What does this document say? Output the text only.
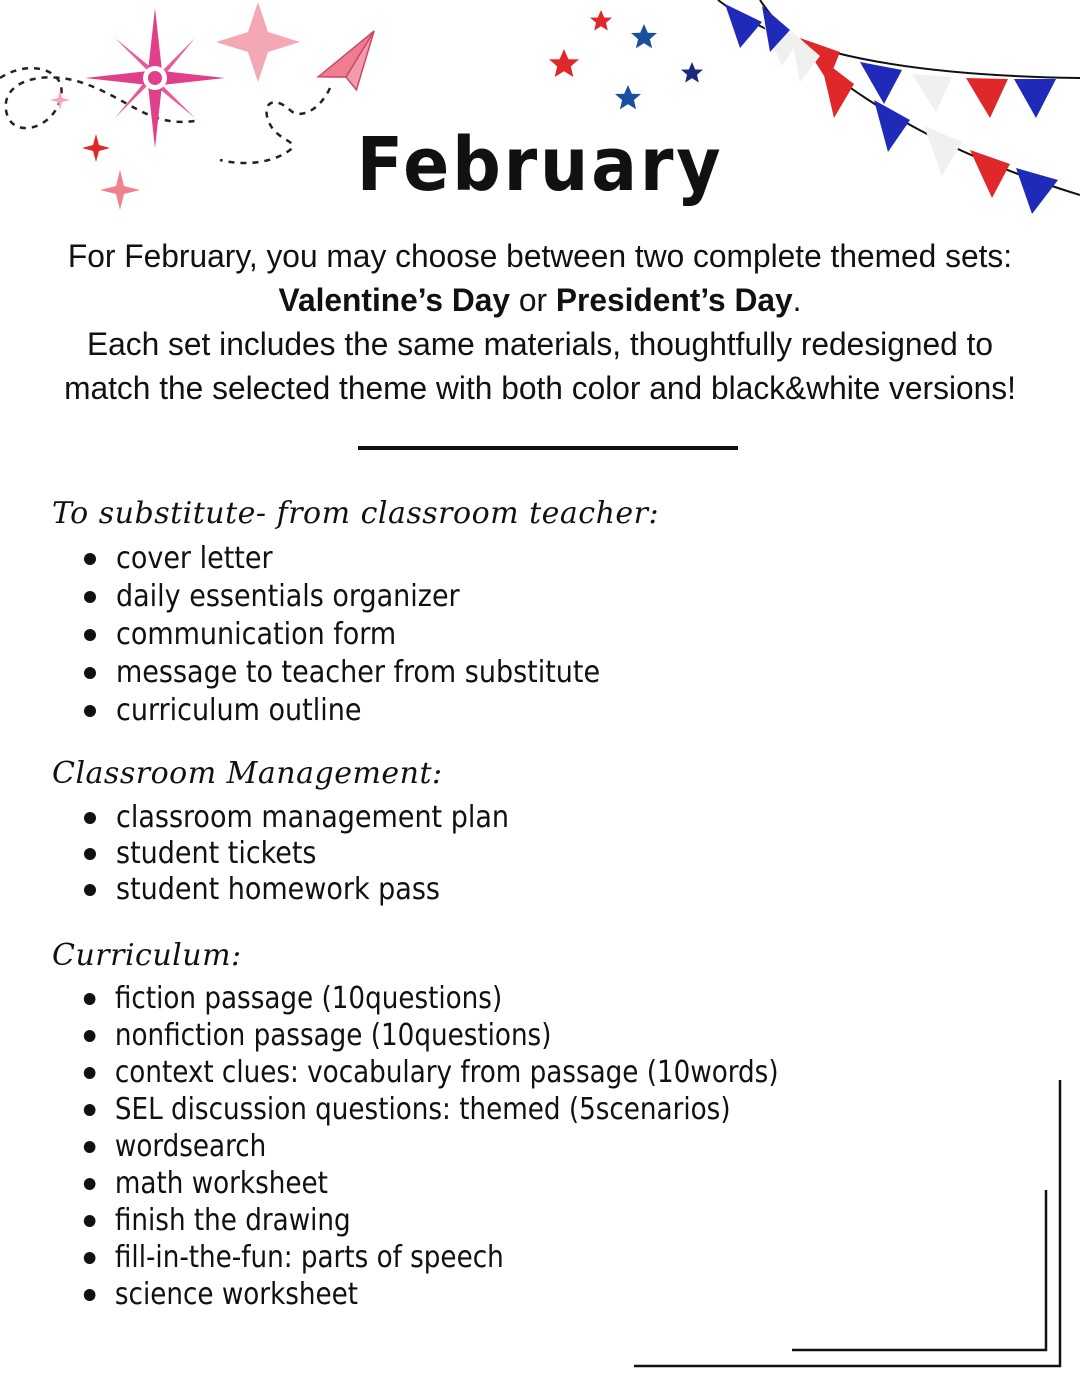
February
For February, you may choose between two complete themed sets:
Valentine’s Day or President’s Day.
Each set includes the same materials, thoughtfully redesigned to
match the selected theme with both color and black&white versions!
To substitute- from classroom teacher:
cover letter
daily essentials organizer
communication form
message to teacher from substitute
curriculum outline
Classroom Management:
classroom management plan
student tickets
student homework pass
Curriculum:
fiction passage (10questions)
nonfiction passage (10questions)
context clues: vocabulary from passage (10words)
SEL discussion questions: themed (5scenarios)
wordsearch
math worksheet
finish the drawing
fill-in-the-fun: parts of speech
science worksheet
